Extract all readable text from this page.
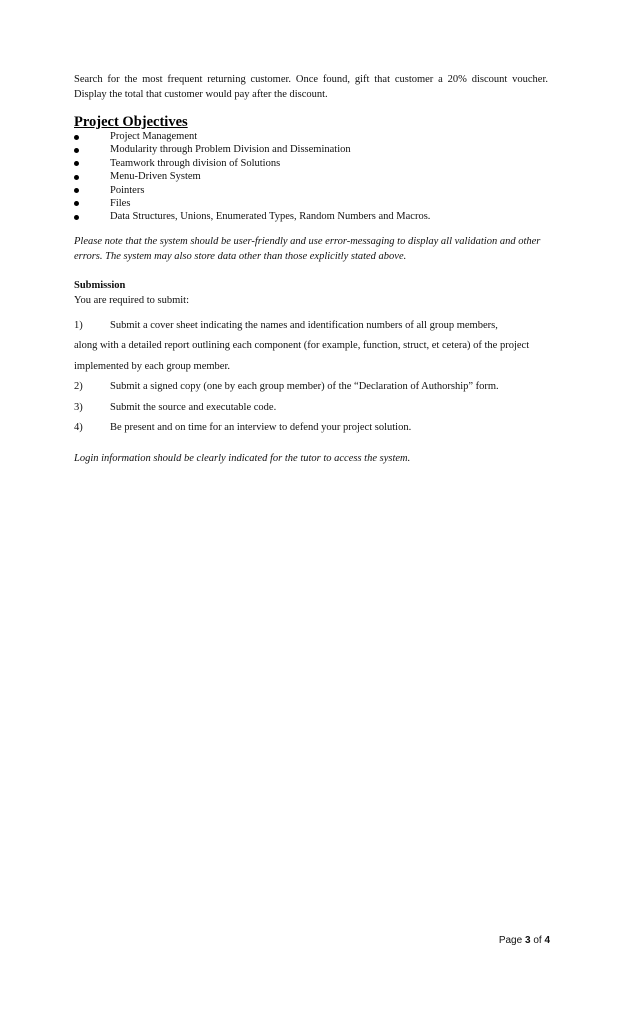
Search for the most frequent returning customer. Once found, gift that customer a 20% discount voucher. Display the total that customer would pay after the discount.

Project Objectives
Project Management
Modularity through Problem Division and Dissemination
Teamwork through division of Solutions
Menu-Driven System
Pointers
Files
Data Structures, Unions, Enumerated Types, Random Numbers and Macros.

Please note that the system should be user-friendly and use error-messaging to display all validation and other errors. The system may also store data other than those explicitly stated above.

Submission

You are required to submit:

1)	Submit a cover sheet indicating the names and identification numbers of all group members,
along with a detailed report outlining each component (for example, function, struct, et cetera) of the project implemented by each group member.
2)	Submit a signed copy (one by each group member) of the “Declaration of Authorship” form.
3)	Submit the source and executable code.
4)	Be present and on time for an interview to defend your project solution.

Login information should be clearly indicated for the tutor to access the system.

Page 3 of 4
